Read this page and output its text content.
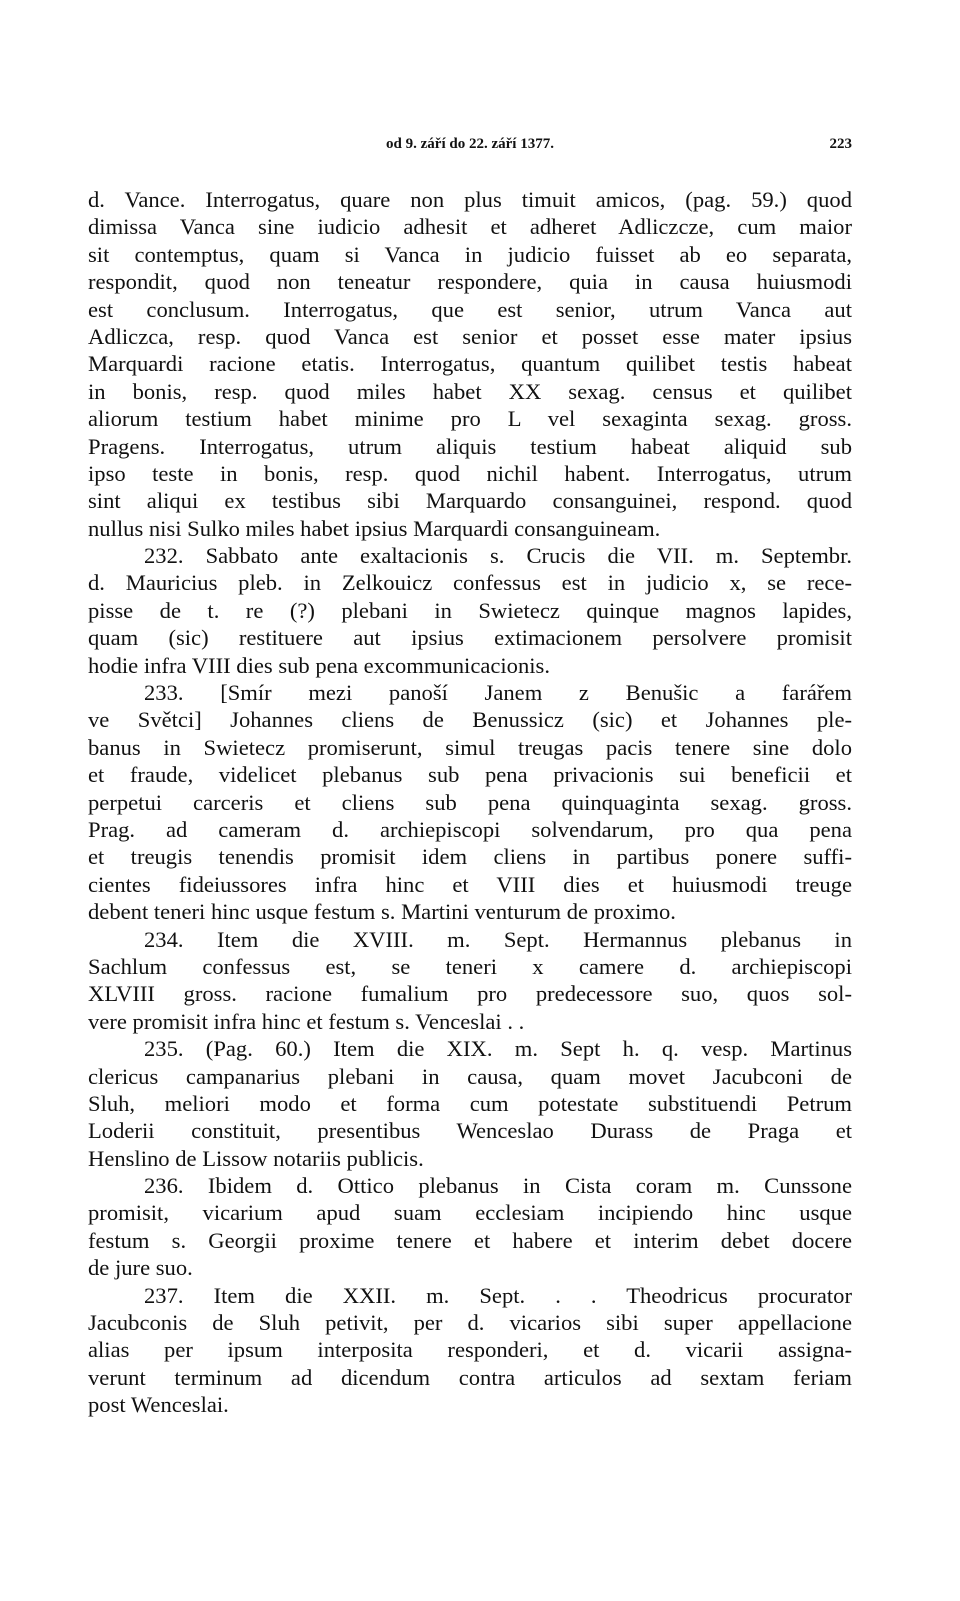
od 9. září do 22. září 1377.	223
d. Vance. Interrogatus, quare non plus timuit amicos, (pag. 59.) quod
dimissa Vanca sine iudicio adhesit et adheret Adliczcze, cum maior
sit contemptus, quam si Vanca in judicio fuisset ab eo separata,
respondit, quod non teneatur respondere, quia in causa huiusmodi
est conclusum. Interrogatus, que est senior, utrum Vanca aut
Adliczca, resp. quod Vanca est senior et posset esse mater ipsius
Marquardi racione etatis. Interrogatus, quantum quilibet testis habeat
in bonis, resp. quod miles habet XX sexag. census et quilibet
aliorum testium habet minime pro L vel sexaginta sexag. gross.
Pragens. Interrogatus, utrum aliquis testium habeat aliquid sub
ipso teste in bonis, resp. quod nichil habent. Interrogatus, utrum
sint aliqui ex testibus sibi Marquardo consanguinei, respond. quod
nullus nisi Sulko miles habet ipsius Marquardi consanguineam.
232. Sabbato ante exaltacionis s. Crucis die VII. m. Septembr.
d. Mauricius pleb. in Zelkouicz confessus est in judicio x, se rece-
pisse de t. re (?) plebani in Swietecz quinque magnos lapides,
quam (sic) restituere aut ipsius extimacionem persolvere promisit
hodie infra VIII dies sub pena excommunicacionis.
233. [Smír mezi panoší Janem z Benušic a farářem
ve Světci] Johannes cliens de Benussicz (sic) et Johannes ple-
banus in Swietecz promiserunt, simul treugas pacis tenere sine dolo
et fraude, videlicet plebanus sub pena privacionis sui beneficii et
perpetui carceris et cliens sub pena quinquaginta sexag. gross.
Prag. ad cameram d. archiepiscopi solvendarum, pro qua pena
et treugis tenendis promisit idem cliens in partibus ponere suffi-
cientes fideiussores infra hinc et VIII dies et huiusmodi treuge
debent teneri hinc usque festum s. Martini venturum de proximo.
234. Item die XVIII. m. Sept. Hermannus plebanus in
Sachlum confessus est, se teneri x camere d. archiepiscopi
XLVIII gross. racione fumalium pro predecessore suo, quos sol-
vere promisit infra hinc et festum s. Venceslai . .
235. (Pag. 60.) Item die XIX. m. Sept h. q. vesp. Martinus
clericus campanarius plebani in causa, quam movet Jacubconi de
Sluh, meliori modo et forma cum potestate substituendi Petrum
Loderii constituit, presentibus Wenceslao Durass de Praga et
Henslino de Lissow notariis publicis.
236. Ibidem d. Ottico plebanus in Cista coram m. Cunssone
promisit, vicarium apud suam ecclesiam incipiendo hinc usque
festum s. Georgii proxime tenere et habere et interim debet docere
de jure suo.
237. Item die XXII. m. Sept. . . Theodricus procurator
Jacubconis de Sluh petivit, per d. vicarios sibi super appellacione
alias per ipsum interposita responderi, et d. vicarii assigna-
verunt terminum ad dicendum contra articulos ad sextam feriam
post Wenceslai.
